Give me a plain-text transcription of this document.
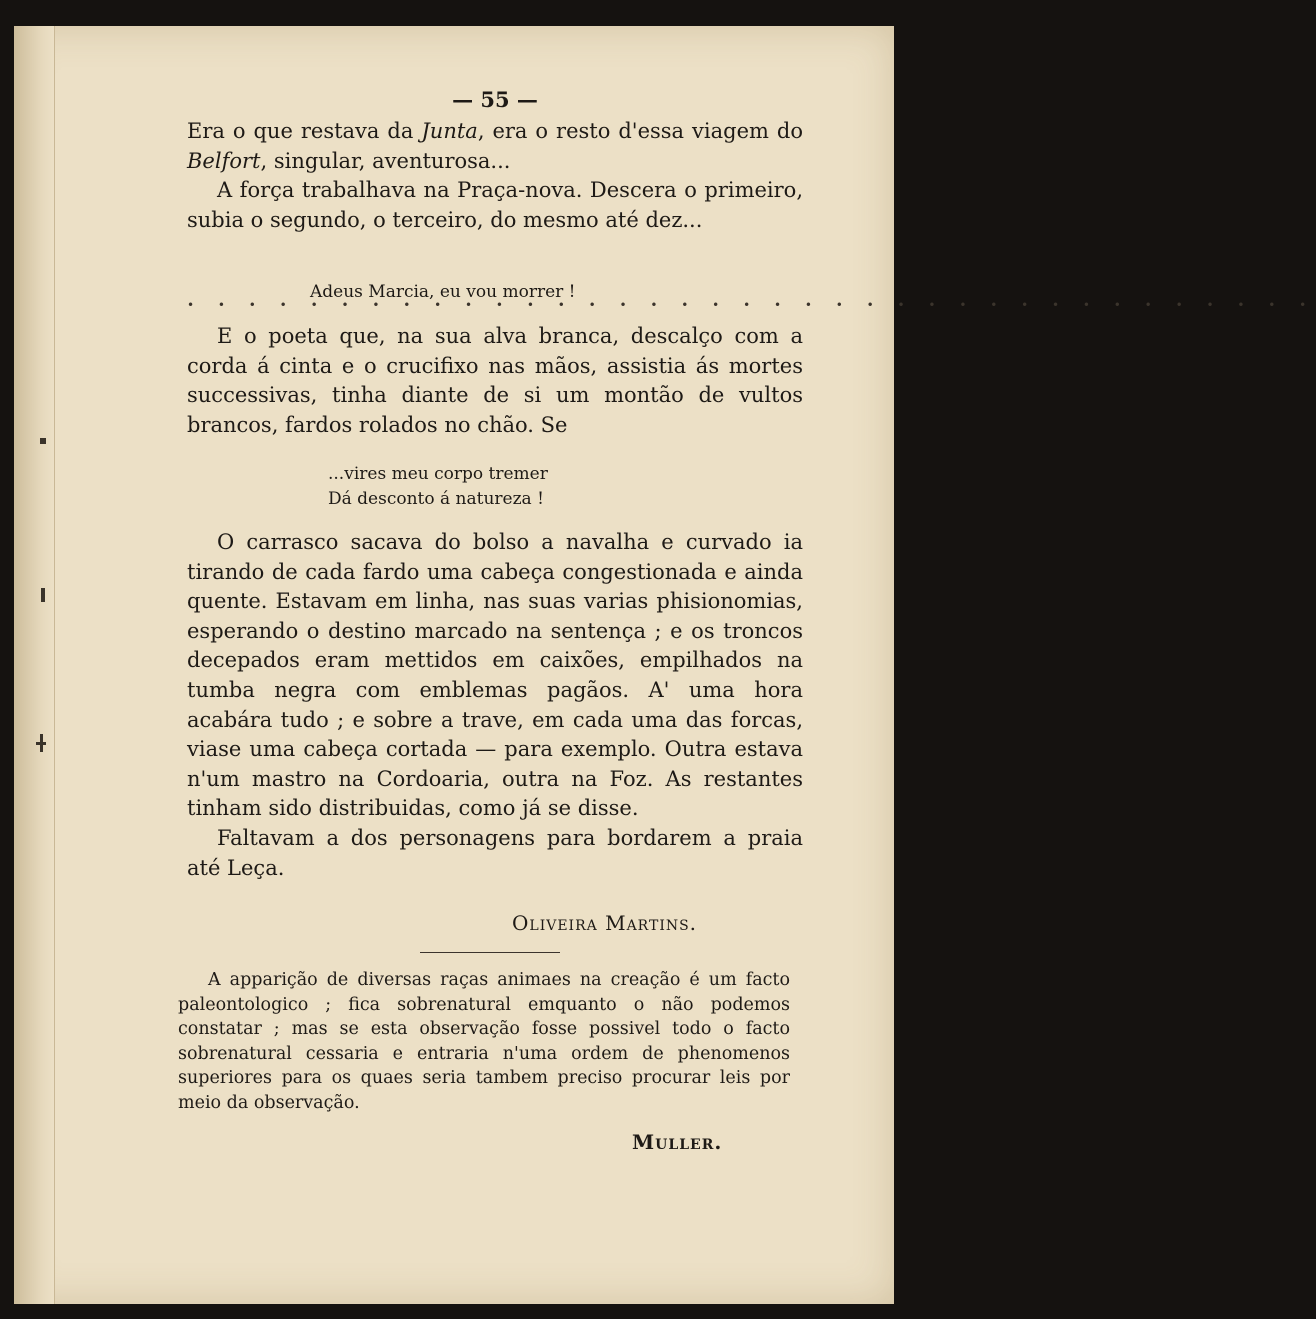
— 55 —

Era o que restava da Junta, era o resto d'essa viagem do Belfort, singular, aventurosa...

A força trabalhava na Praça-nova. Descera o primeiro, subia o segundo, o terceiro, do mesmo até dez...

Adeus Marcia, eu vou morrer !
• • • • • • • • • • • • • • • • • • • • • • • • • • • • • • • • • • • • •

E o poeta que, na sua alva branca, descalço com a corda á cinta e o crucifixo nas mãos, assistia ás mortes successivas, tinha diante de si um montão de vultos brancos, fardos rolados no chão. Se

...vires meu corpo tremer
Dá desconto á natureza !

O carrasco sacava do bolso a navalha e curvado ia tirando de cada fardo uma cabeça congestionada e ainda quente. Estavam em linha, nas suas varias phisionomias, esperando o destino marcado na sentença ; e os troncos decepados eram mettidos em caixões, empilhados na tumba negra com emblemas pagãos. A' uma hora acabára tudo ; e sobre a trave, em cada uma das forcas, viase uma cabeça cortada — para exemplo. Outra estava n'um mastro na Cordoaria, outra na Foz. As restantes tinham sido distribuidas, como já se disse.

Faltavam a dos personagens para bordarem a praia até Leça.

Oliveira Martins.

A apparição de diversas raças animaes na creação é um facto paleontologico ; fica sobrenatural emquanto o não podemos constatar ; mas se esta observação fosse possivel todo o facto sobrenatural cessaria e entraria n'uma ordem de phenomenos superiores para os quaes seria tambem preciso procurar leis por meio da observação.

Muller.
